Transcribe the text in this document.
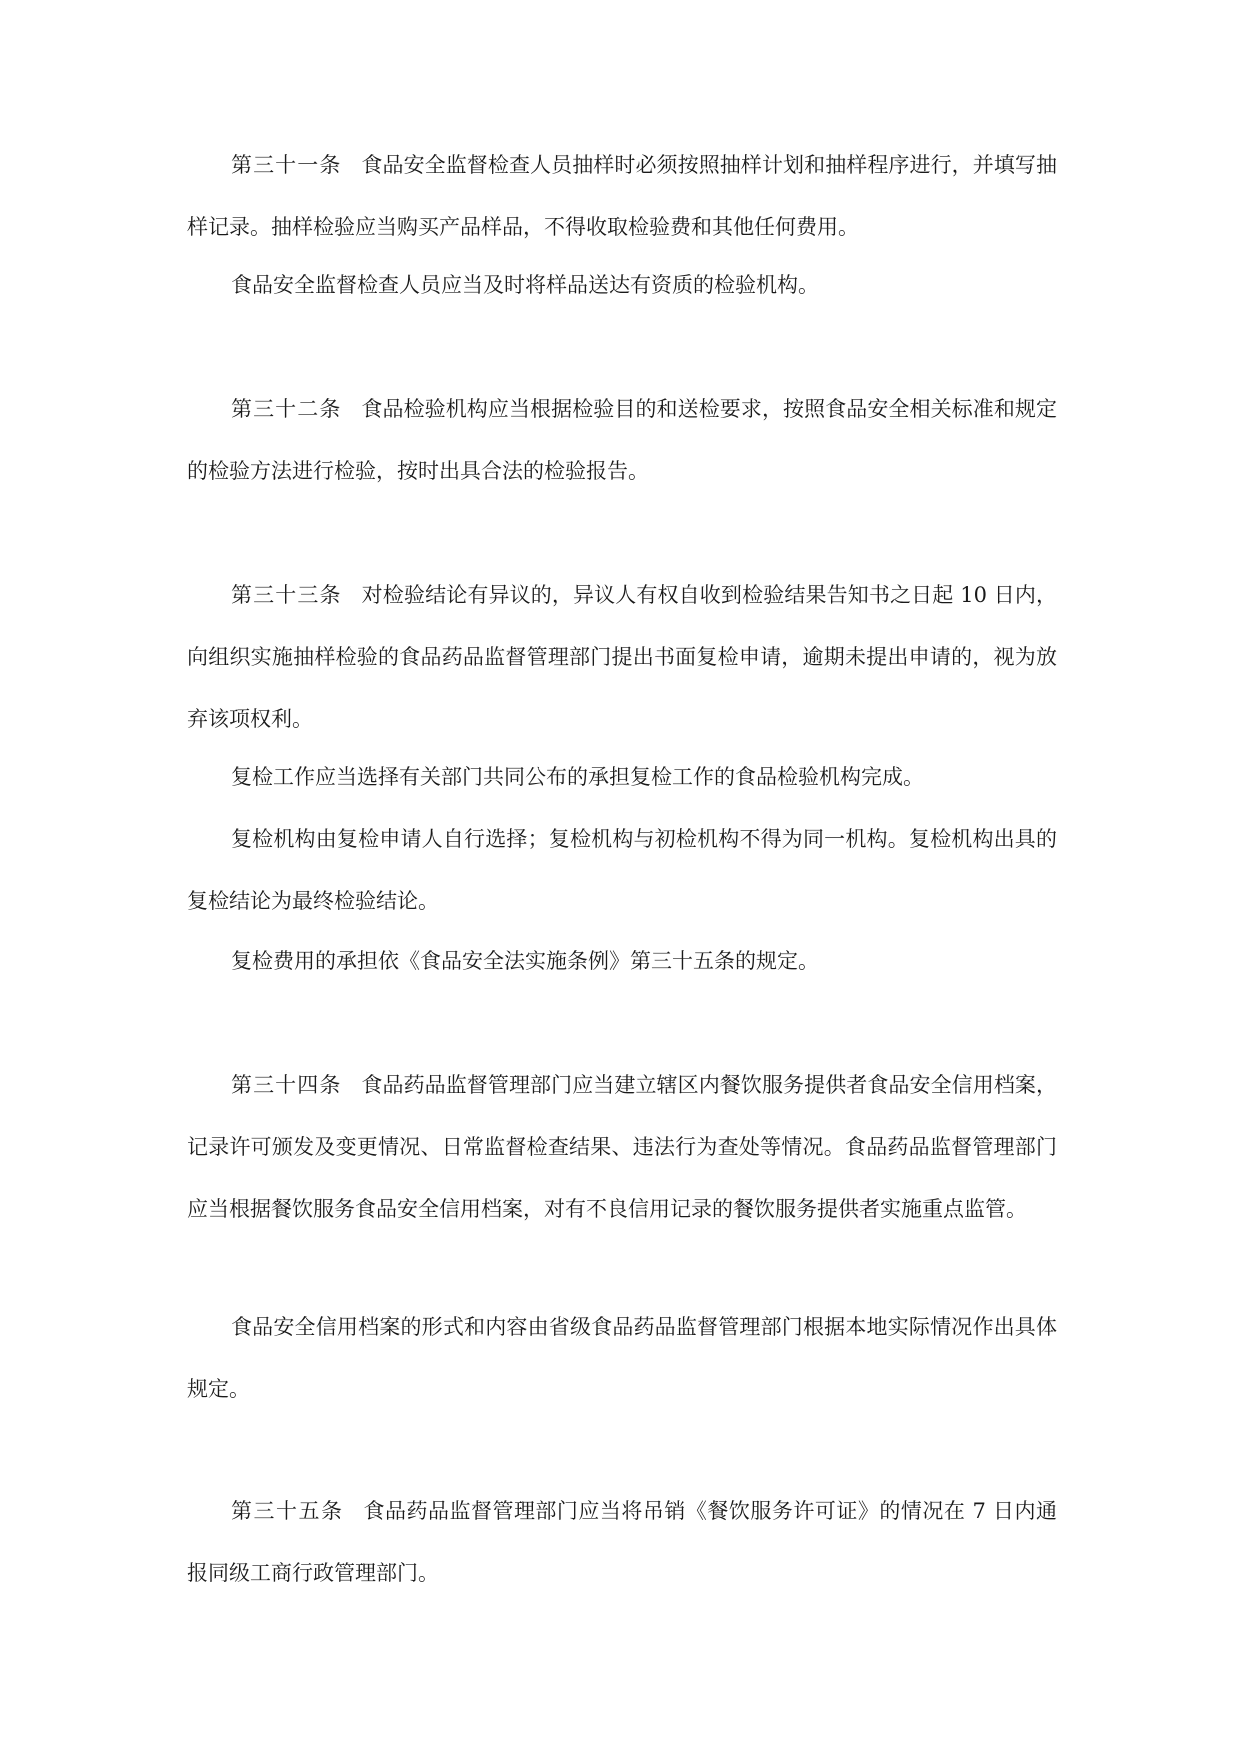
第三十一条 食品安全监督检查人员抽样时必须按照抽样计划和抽样程序进行，并填写抽样记录。抽样检验应当购买产品样品，不得收取检验费和其他任何费用。

食品安全监督检查人员应当及时将样品送达有资质的检验机构。

第三十二条 食品检验机构应当根据检验目的和送检要求，按照食品安全相关标准和规定的检验方法进行检验，按时出具合法的检验报告。

第三十三条 对检验结论有异议的，异议人有权自收到检验结果告知书之日起 10 日内，向组织实施抽样检验的食品药品监督管理部门提出书面复检申请，逾期未提出申请的，视为放弃该项权利。

复检工作应当选择有关部门共同公布的承担复检工作的食品检验机构完成。

复检机构由复检申请人自行选择；复检机构与初检机构不得为同一机构。复检机构出具的复检结论为最终检验结论。

复检费用的承担依《食品安全法实施条例》第三十五条的规定。

第三十四条 食品药品监督管理部门应当建立辖区内餐饮服务提供者食品安全信用档案，记录许可颁发及变更情况、日常监督检查结果、违法行为查处等情况。食品药品监督管理部门应当根据餐饮服务食品安全信用档案，对有不良信用记录的餐饮服务提供者实施重点监管。

食品安全信用档案的形式和内容由省级食品药品监督管理部门根据本地实际情况作出具体规定。

第三十五条 食品药品监督管理部门应当将吊销《餐饮服务许可证》的情况在 7 日内通报同级工商行政管理部门。
